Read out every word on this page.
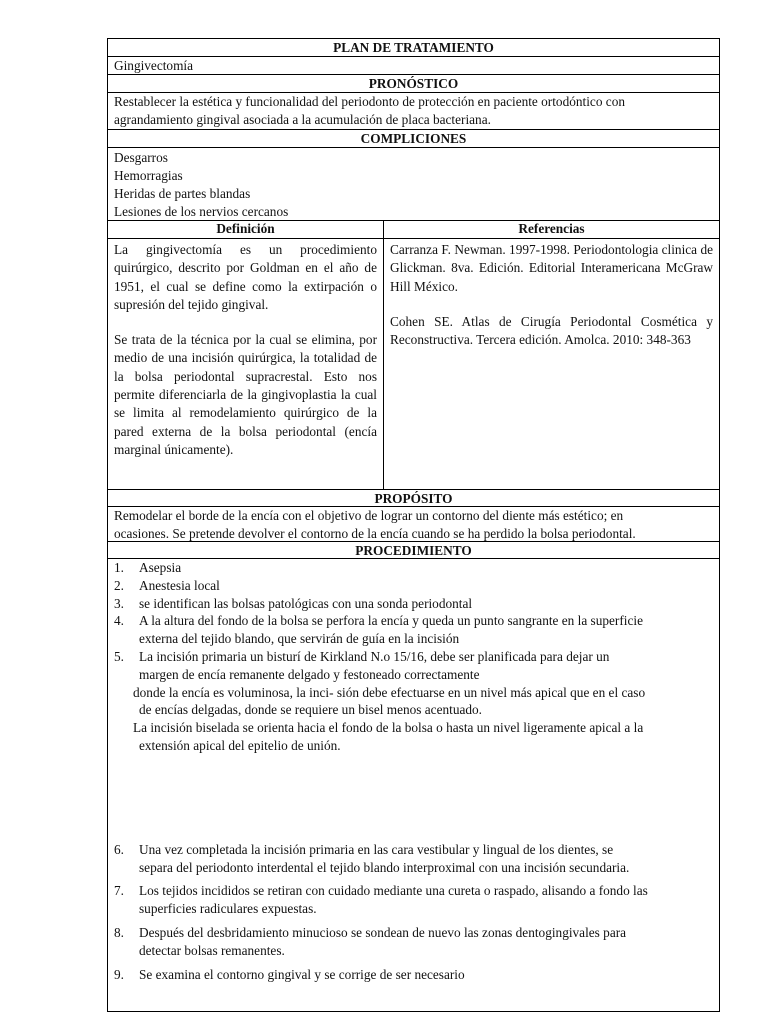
PLAN DE TRATAMIENTO
Gingivectomía
PRONÓSTICO
Restablecer la estética y funcionalidad del periodonto de protección en paciente ortodóntico con
agrandamiento gingival asociada a la acumulación de placa bacteriana.
COMPLICIONES
Desgarros
Hemorragias
Heridas de partes blandas
Lesiones de los nervios cercanos
Definición

La gingivectomía es un procedimiento quirúrgico, descrito por Goldman en el año de 1951, el cual se define como la extirpación o supresión del tejido gingival.

Se trata de la técnica por la cual se elimina, por medio de una incisión quirúrgica, la totalidad de la bolsa periodontal supracrestal. Esto nos permite diferenciarla de la gingivoplastia la cual se limita al remodelamiento quirúrgico de la pared externa de la bolsa periodontal (encía marginal únicamente).

Referencias

Carranza F. Newman. 1997-1998. Periodontologia clinica de Glickman. 8va. Edición. Editorial Interamericana McGraw Hill México.

Cohen SE. Atlas de Cirugía Periodontal Cosmética y Reconstructiva. Tercera edición. Amolca. 2010: 348-363

PROPÓSITO
Remodelar el borde de la encía con el objetivo de lograr un contorno del diente más estético; en
ocasiones. Se pretende devolver el contorno de la encía cuando se ha perdido la bolsa periodontal.
PROCEDIMIENTO
1. Asepsia
2. Anestesia local
3. se identifican las bolsas patológicas con una sonda periodontal
4. A la altura del fondo de la bolsa se perfora la encía y queda un punto sangrante en la superficie
externa del tejido blando, que servirán de guía en la incisión
5. La incisión primaria un bisturí de Kirkland N.o 15/16, debe ser planificada para dejar un
margen de encía remanente delgado y festoneado correctamente
donde la encía es voluminosa, la inci- sión debe efectuarse en un nivel más apical que en el caso
de encías delgadas, donde se requiere un bisel menos acentuado.
La incisión biselada se orienta hacia el fondo de la bolsa o hasta un nivel ligeramente apical a la
extensión apical del epitelio de unión.
6. Una vez completada la incisión primaria en las cara vestibular y lingual de los dientes, se
separa del periodonto interdental el tejido blando interproximal con una incisión secundaria.
7. Los tejidos incididos se retiran con cuidado mediante una cureta o raspado, alisando a fondo las
superficies radiculares expuestas.
8. Después del desbridamiento minucioso se sondean de nuevo las zonas dentogingivales para
detectar bolsas remanentes.
9. Se examina el contorno gingival y se corrige de ser necesario
